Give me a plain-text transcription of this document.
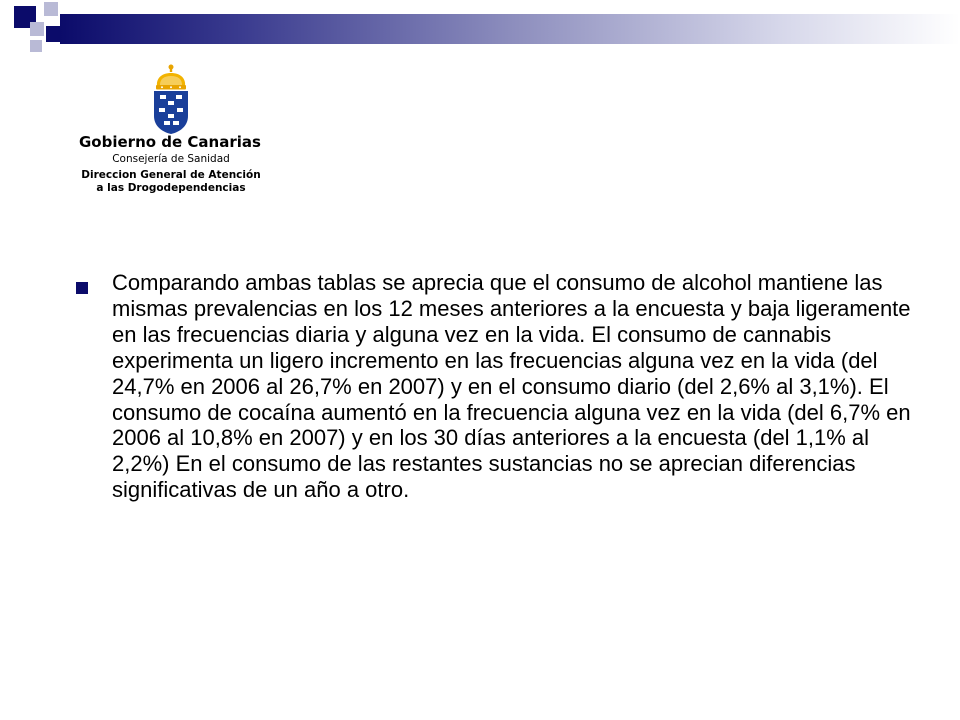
Gobierno de Canarias
Consejería de Sanidad
Direccion General de Atención
a las Drogodependencias

Comparando ambas tablas se aprecia que el consumo de alcohol mantiene las mismas prevalencias en los 12 meses anteriores a la encuesta y baja ligeramente en las frecuencias diaria y alguna vez en la vida. El consumo de cannabis experimenta un ligero incremento en las frecuencias alguna vez en la vida (del 24,7% en 2006 al 26,7% en 2007) y en el consumo diario (del 2,6% al 3,1%). El consumo de cocaína aumentó en la frecuencia alguna vez en la vida (del 6,7% en 2006 al 10,8% en 2007) y en los 30 días anteriores a la encuesta (del 1,1% al 2,2%) En el consumo de las restantes sustancias no se aprecian diferencias significativas de un año a otro.
